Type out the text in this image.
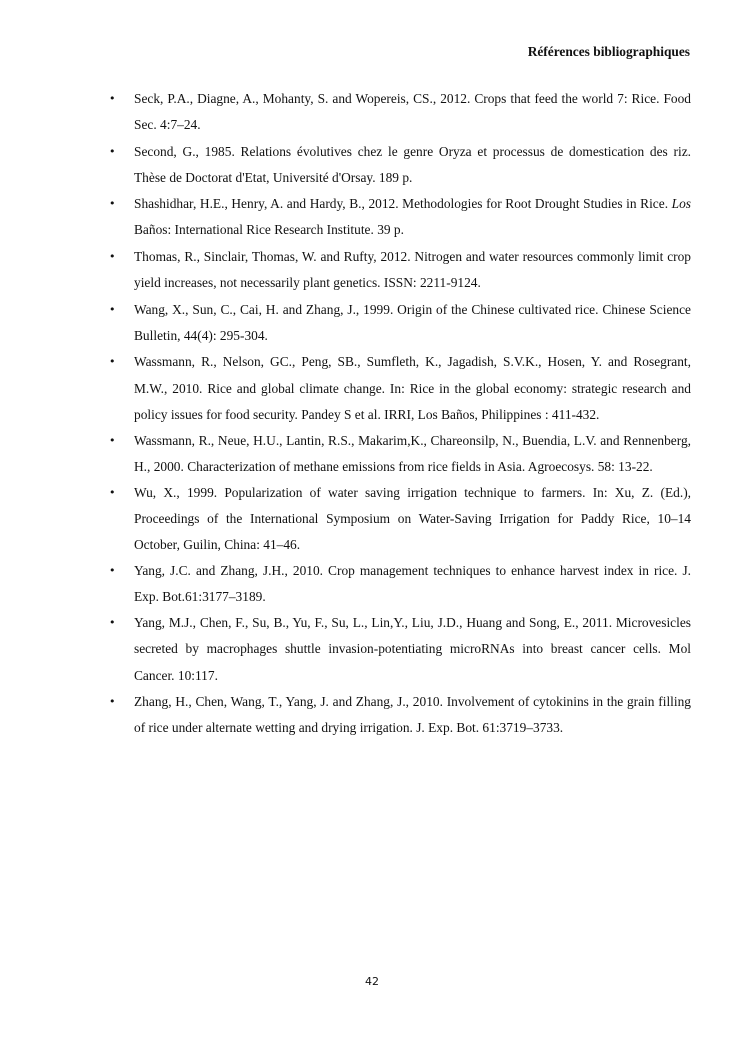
Références bibliographiques

• Seck, P.A., Diagne, A., Mohanty, S. and Wopereis, CS., 2012. Crops that feed the world 7: Rice. Food Sec. 4:7–24.
• Second, G., 1985. Relations évolutives chez le genre Oryza et processus de domestication des riz. Thèse de Doctorat d'Etat, Université d'Orsay. 189 p.
• Shashidhar, H.E., Henry, A. and Hardy, B., 2012. Methodologies for Root Drought Studies in Rice. Los Baños: International Rice Research Institute. 39 p.
• Thomas, R., Sinclair, Thomas, W. and Rufty, 2012. Nitrogen and water resources commonly limit crop yield increases, not necessarily plant genetics. ISSN: 2211-9124.
• Wang, X., Sun, C., Cai, H. and Zhang, J., 1999. Origin of the Chinese cultivated rice. Chinese Science Bulletin, 44(4): 295-304.
• Wassmann, R., Nelson, GC., Peng, SB., Sumfleth, K., Jagadish, S.V.K., Hosen, Y. and Rosegrant, M.W., 2010. Rice and global climate change. In: Rice in the global economy: strategic research and policy issues for food security. Pandey S et al. IRRI, Los Baños, Philippines : 411-432.
• Wassmann, R., Neue, H.U., Lantin, R.S., Makarim,K., Chareonsilp, N., Buendia, L.V. and Rennenberg, H., 2000. Characterization of methane emissions from rice fields in Asia. Agroecosys. 58: 13-22.
• Wu, X., 1999. Popularization of water saving irrigation technique to farmers. In: Xu, Z. (Ed.), Proceedings of the International Symposium on Water-Saving Irrigation for Paddy Rice, 10–14 October, Guilin, China: 41–46.
• Yang, J.C. and Zhang, J.H., 2010. Crop management techniques to enhance harvest index in rice. J. Exp. Bot.61:3177–3189.
• Yang, M.J., Chen, F., Su, B., Yu, F., Su, L., Lin,Y., Liu, J.D., Huang and Song, E., 2011. Microvesicles secreted by macrophages shuttle invasion-potentiating microRNAs into breast cancer cells. Mol Cancer. 10:117.
• Zhang, H., Chen, Wang, T., Yang, J. and Zhang, J., 2010. Involvement of cytokinins in the grain filling of rice under alternate wetting and drying irrigation. J. Exp. Bot. 61:3719–3733.

42
